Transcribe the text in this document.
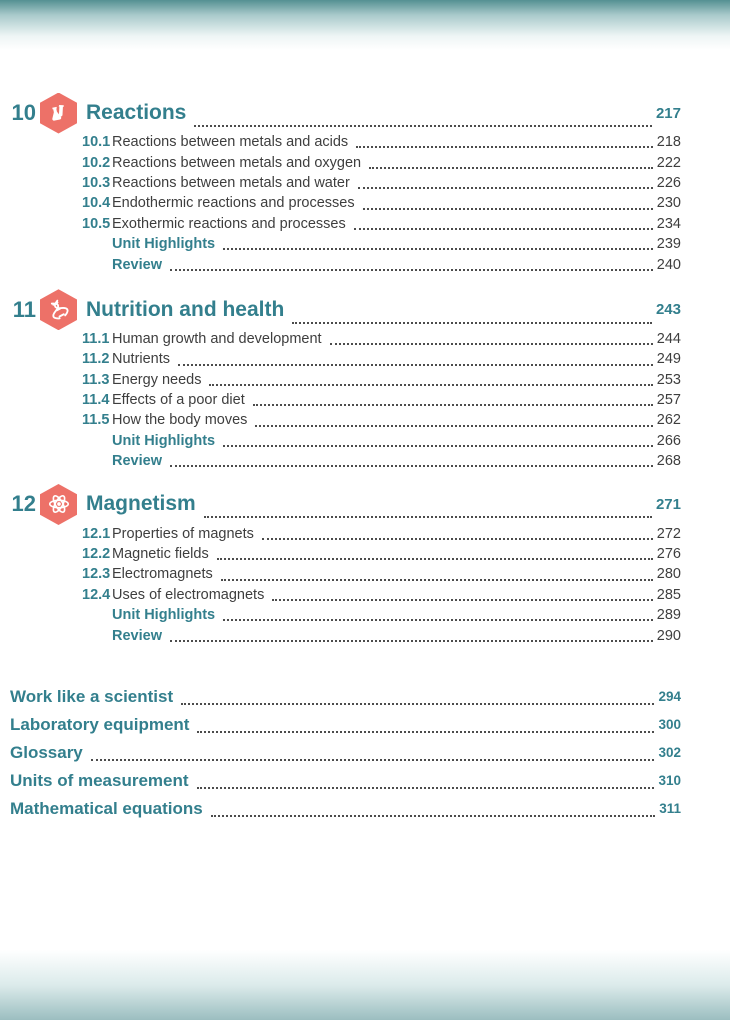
10 Reactions	217
10.1 Reactions between metals and acids	218
10.2 Reactions between metals and oxygen	222
10.3 Reactions between metals and water	226
10.4 Endothermic reactions and processes	230
10.5 Exothermic reactions and processes	234
Unit Highlights	239
Review	240
11 Nutrition and health	243
11.1 Human growth and development	244
11.2 Nutrients	249
11.3 Energy needs	253
11.4 Effects of a poor diet	257
11.5 How the body moves	262
Unit Highlights	266
Review	268
12 Magnetism	271
12.1 Properties of magnets	272
12.2 Magnetic fields	276
12.3 Electromagnets	280
12.4 Uses of electromagnets	285
Unit Highlights	289
Review	290
Work like a scientist	294
Laboratory equipment	300
Glossary	302
Units of measurement	310
Mathematical equations	311
